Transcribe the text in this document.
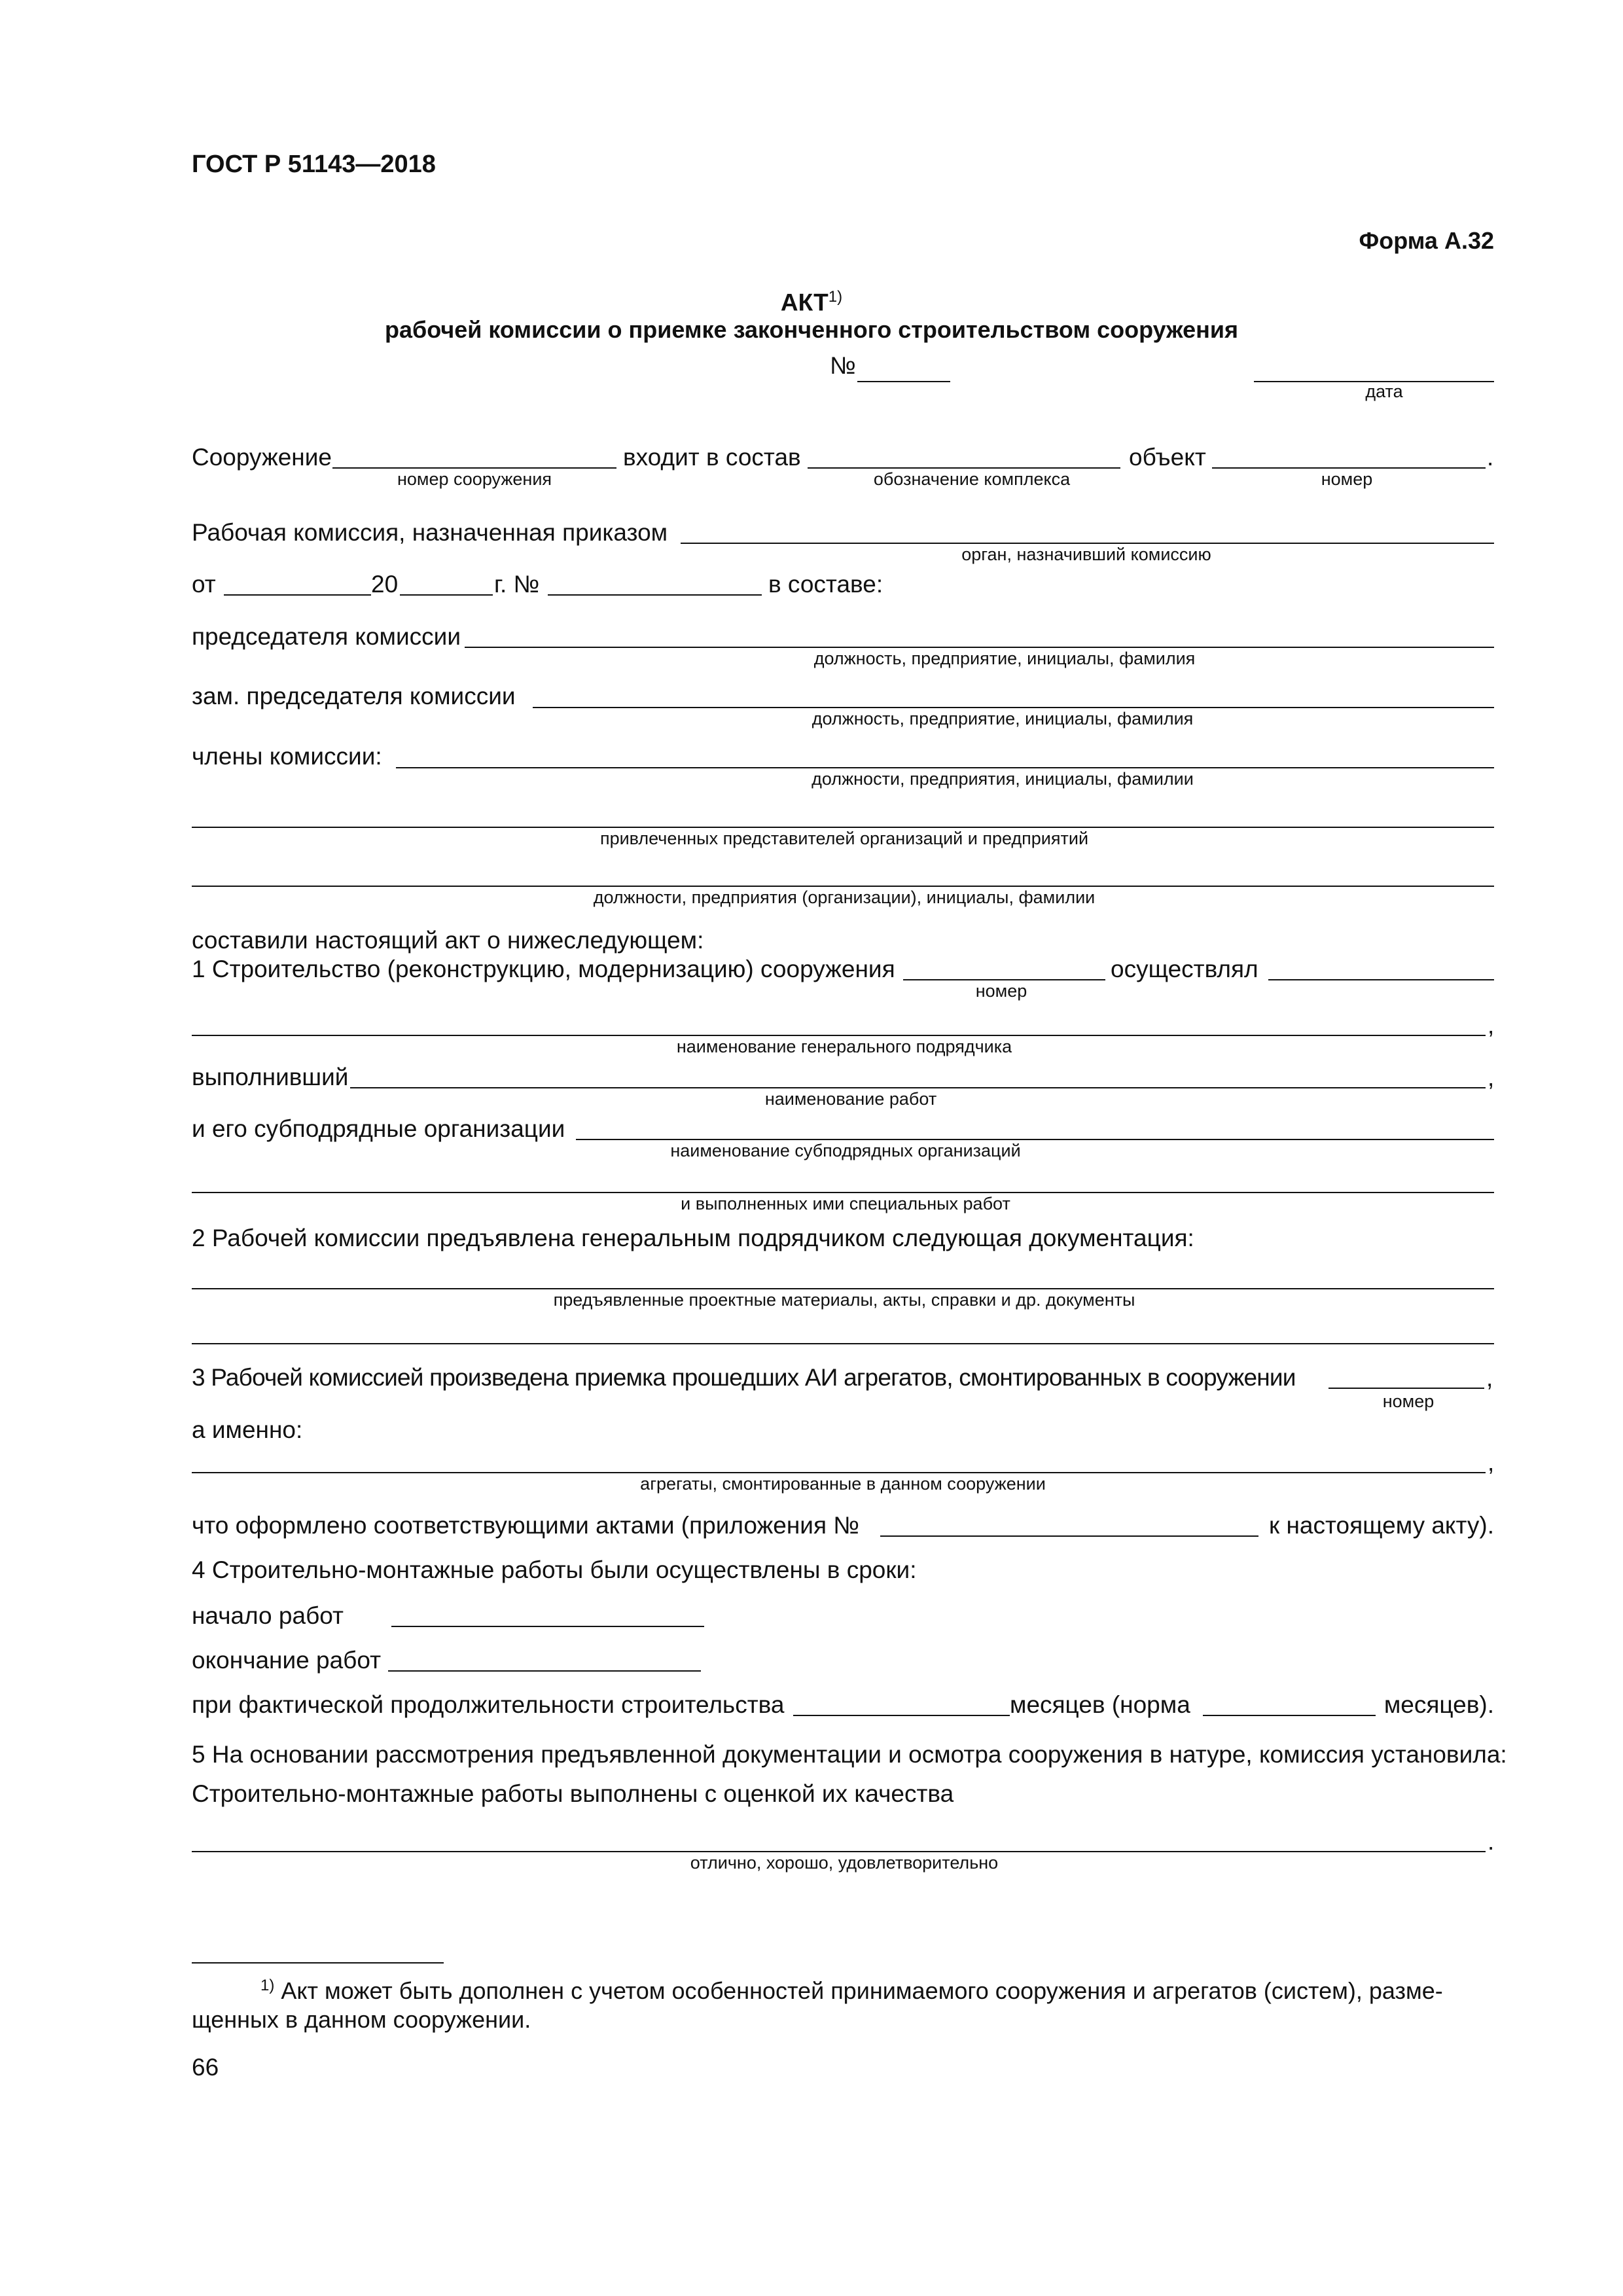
ГОСТ Р 51143—2018
Форма А.32
АКТ$^{1)}$
рабочей комиссии о приемке законченного строительством сооружения
№
дата
Сооружение
номер сооружения
входит в состав
обозначение комплекса
объект	.
номер
Рабочая комиссия, назначенная приказом
орган, назначивший комиссию
от	20	г. №	в составе:
председателя комиссии
должность, предприятие, инициалы, фамилия
зам. председателя комиссии
должность, предприятие, инициалы, фамилия
члены комиссии:
должности, предприятия, инициалы, фамилии
привлеченных представителей организаций и предприятий
должности, предприятия (организации), инициалы, фамилии
составили настоящий акт о нижеследующем:
1 Строительство (реконструкцию, модернизацию) сооружения
номер
осуществлял
,
наименование генерального подрядчика
выполнивший	,
наименование работ
и его субподрядные организации
наименование субподрядных организаций
и выполненных ими специальных работ
2 Рабочей комиссии предъявлена генеральным подрядчиком следующая документация:
предъявленные проектные материалы, акты, справки и др. документы
3 Рабочей комиссией произведена приемка прошедших АИ агрегатов, смонтированных в сооружении	,
номер
а именно:
,
агрегаты, смонтированные в данном сооружении
что оформлено соответствующими актами (приложения №	к настоящему акту).
4 Строительно-монтажные работы были осуществлены в сроки:
начало работ
окончание работ
при фактической продолжительности строительства	месяцев (норма	месяцев).
5 На основании рассмотрения предъявленной документации и осмотра сооружения в натуре, комиссия установила:
Строительно-монтажные работы выполнены с оценкой их качества
.
отлично, хорошо, удовлетворительно
$^{1)}$ Акт может быть дополнен с учетом особенностей принимаемого сооружения и агрегатов (систем), разме-
щенных в данном сооружении.
66
